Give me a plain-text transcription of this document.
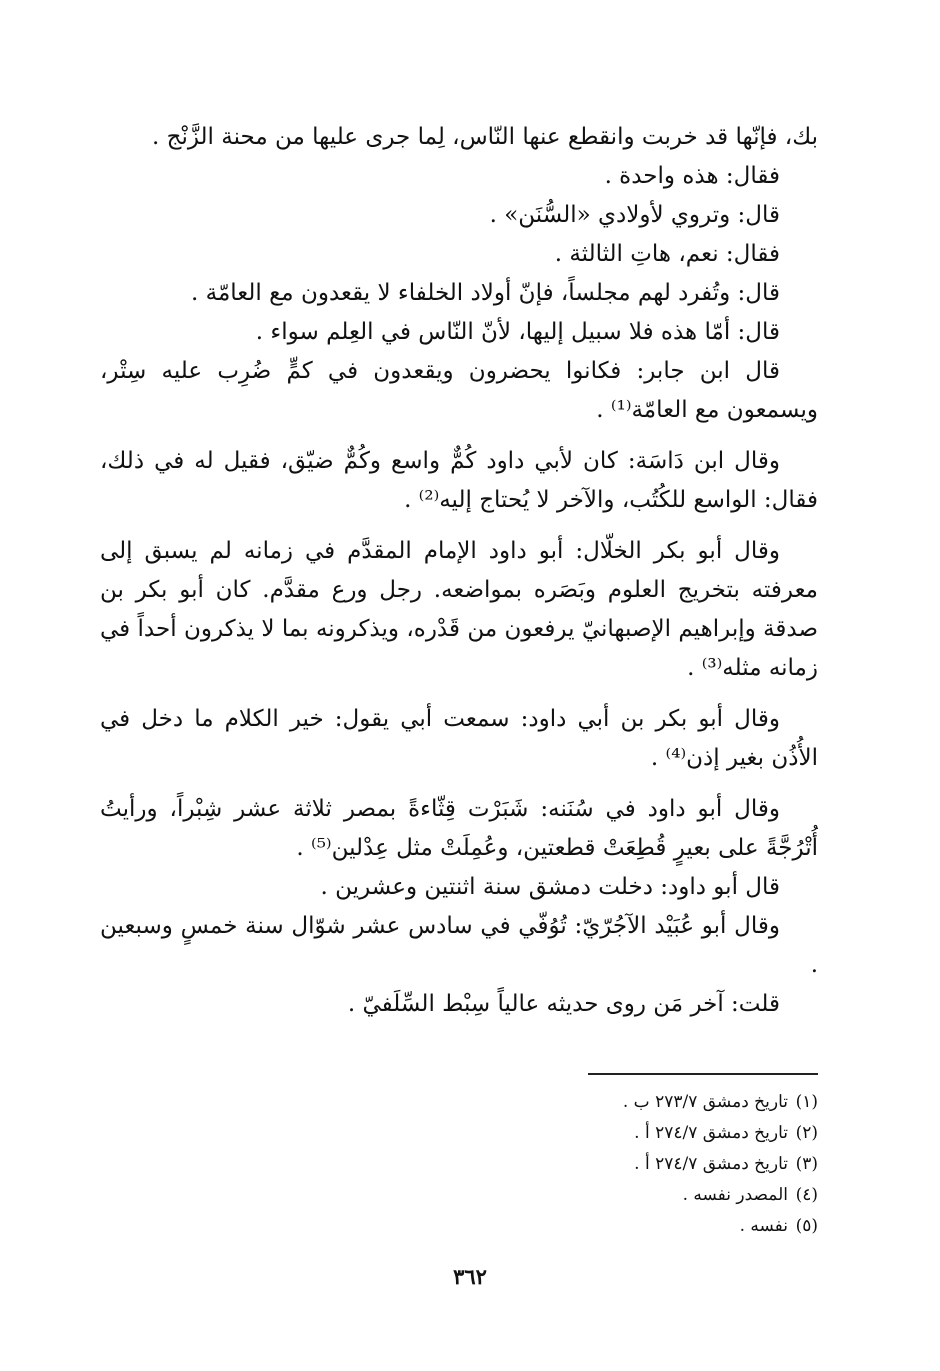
بك، فإنّها قد خربت وانقطع عنها النّاس، لِما جرى عليها من محنة الزَّنْج .

فقال: هذه واحدة .

قال: وتروي لأولادي «السُّنَن» .

فقال: نعم، هاتِ الثالثة .

قال: وتُفرد لهم مجلساً، فإنّ أولاد الخلفاء لا يقعدون مع العامّة .

قال: أمّا هذه فلا سبيل إليها، لأنّ النّاس في العِلم سواء .

قال ابن جابر: فكانوا يحضرون ويقعدون في كمٍّ ضُرِب عليه سِتْر، ويسمعون مع العامّة⁽¹⁾ .

وقال ابن دَاسَة: كان لأبي داود كُمٌّ واسع وكُمٌّ ضيّق، فقيل له في ذلك، فقال: الواسع للكُتُب، والآخر لا يُحتاج إليه⁽²⁾ .

وقال أبو بكر الخلّال: أبو داود الإمام المقدَّم في زمانه لم يسبق إلى معرفته بتخريج العلوم وبَصَره بمواضعه. رجل ورع مقدَّم. كان أبو بكر بن صدقة وإبراهيم الإصبهانيّ يرفعون من قَدْره، ويذكرونه بما لا يذكرون أحداً في زمانه مثله⁽³⁾ .

وقال أبو بكر بن أبي داود: سمعت أبي يقول: خير الكلام ما دخل في الأُذُن بغير إذن⁽⁴⁾ .

وقال أبو داود في سُنَنه: شَبَرْت قِثّاءةً بمصر ثلاثة عشر شِبْراً، ورأيتُ أُتْرُجَّةً على بعيرٍ قُطِعَتْ قطعتين، وعُمِلَتْ مثل عِدْلين⁽⁵⁾ .

قال أبو داود: دخلت دمشق سنة اثنتين وعشرين .

وقال أبو عُبَيْد الآجُرّيّ: تُوُفّي في سادس عشر شوّال سنة خمسٍ وسبعين .

قلت: آخر مَن روى حديثه عالياً سِبْط السِّلَفيّ .

(١)تاريخ دمشق ٢٧٣/٧ ب .
(٢)تاريخ دمشق ٢٧٤/٧ أ .
(٣)تاريخ دمشق ٢٧٤/٧ أ .
(٤)المصدر نفسه .
(٥)نفسه .
٣٦٢
